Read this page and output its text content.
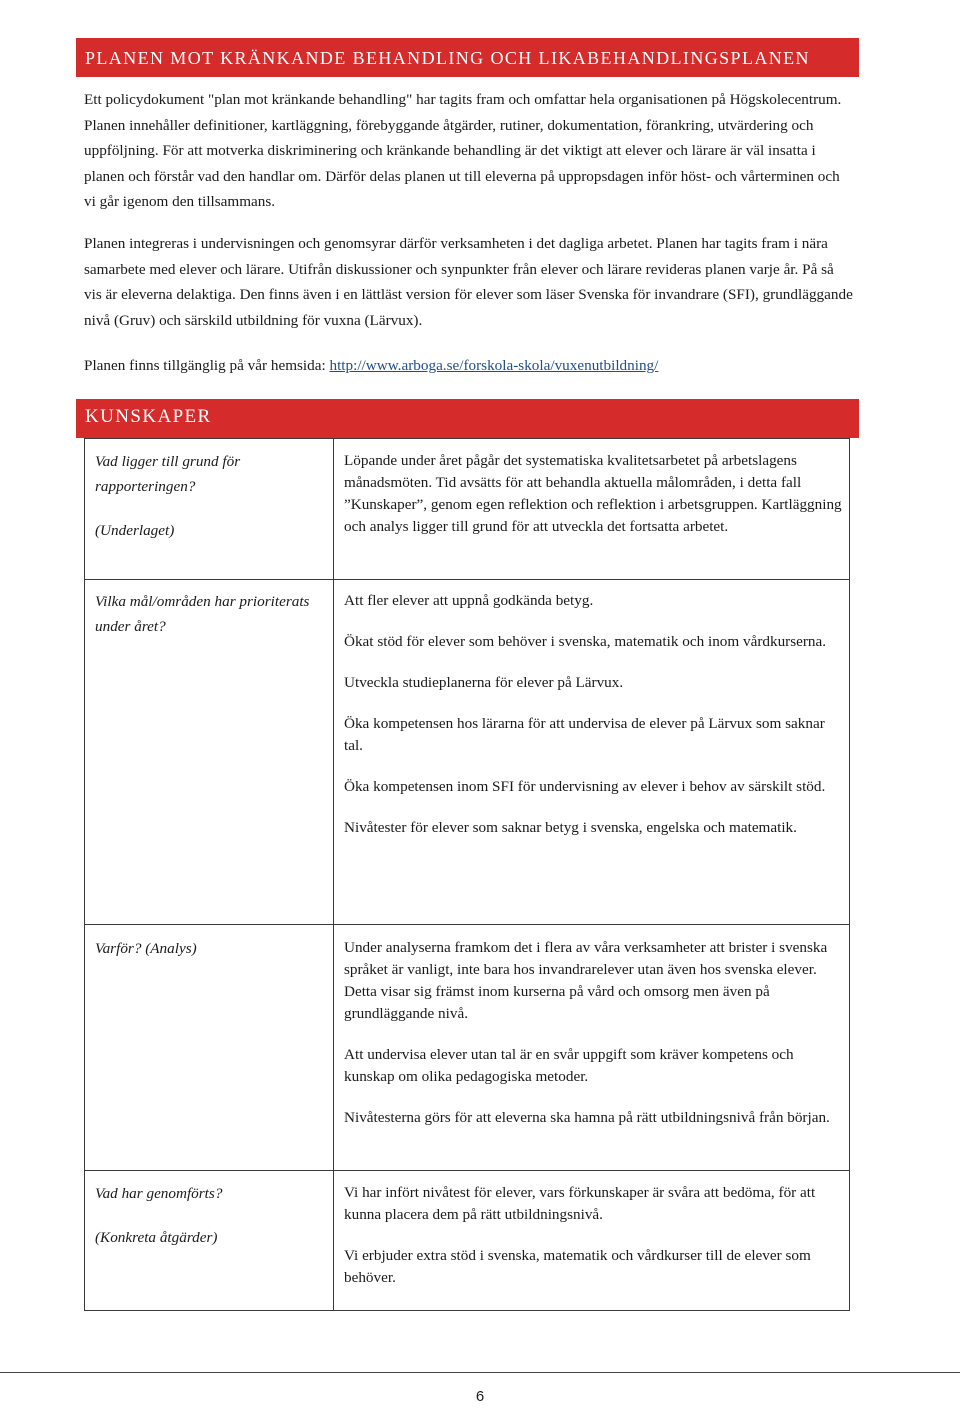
PLANEN MOT KRÄNKANDE BEHANDLING OCH LIKABEHANDLINGSPLANEN

Ett policydokument "plan mot kränkande behandling" har tagits fram och omfattar hela organisationen på Högskolecentrum. Planen innehåller definitioner, kartläggning, förebyggande åtgärder, rutiner, dokumentation, förankring, utvärdering och uppföljning. För att motverka diskriminering och kränkande behandling är det viktigt att elever och lärare är väl insatta i planen och förstår vad den handlar om. Därför delas planen ut till eleverna på uppropsdagen inför höst- och vårterminen och vi går igenom den tillsammans.

Planen integreras i undervisningen och genomsyrar därför verksamheten i det dagliga arbetet. Planen har tagits fram i nära samarbete med elever och lärare. Utifrån diskussioner och synpunkter från elever och lärare revideras planen varje år. På så vis är eleverna delaktiga. Den finns även i en lättläst version för elever som läser Svenska för invandrare (SFI), grundläggande nivå (Gruv) och särskild utbildning för vuxna (Lärvux).

Planen finns tillgänglig på vår hemsida: http://www.arboga.se/forskola-skola/vuxenutbildning/

KUNSKAPER

Vad ligger till grund för rapporteringen?

(Underlaget)

Löpande under året pågår det systematiska kvalitetsarbetet på arbetslagens månadsmöten. Tid avsätts för att behandla aktuella målområden, i detta fall ”Kunskaper”, genom egen reflektion och reflektion i arbetsgruppen. Kartläggning och analys ligger till grund för att utveckla det fortsatta arbetet.

Vilka mål/områden har prioriterats under året?

Att fler elever att uppnå godkända betyg.

Ökat stöd för elever som behöver i svenska, matematik och inom vårdkurserna.

Utveckla studieplanerna för elever på Lärvux.

Öka kompetensen hos lärarna för att undervisa de elever på Lärvux som saknar tal.

Öka kompetensen inom SFI för undervisning av elever i behov av särskilt stöd.

Nivåtester för elever som saknar betyg i svenska, engelska och matematik.

Varför? (Analys)	Under analyserna framkom det i flera av våra verksamheter att brister i svenska språket är vanligt, inte bara hos invandrarelever utan även hos svenska elever. Detta visar sig främst inom kurserna på vård och omsorg men även på grundläggande nivå.

Att undervisa elever utan tal är en svår uppgift som kräver kompetens och kunskap om olika pedagogiska metoder.

Nivåtesterna görs för att eleverna ska hamna på rätt utbildningsnivå från början.

Vad har genomförts?

(Konkreta åtgärder)

Vi har infört nivåtest för elever, vars förkunskaper är svåra att bedöma, för att kunna placera dem på rätt utbildningsnivå.

Vi erbjuder extra stöd i svenska, matematik och vårdkurser till de elever som behöver.

6
